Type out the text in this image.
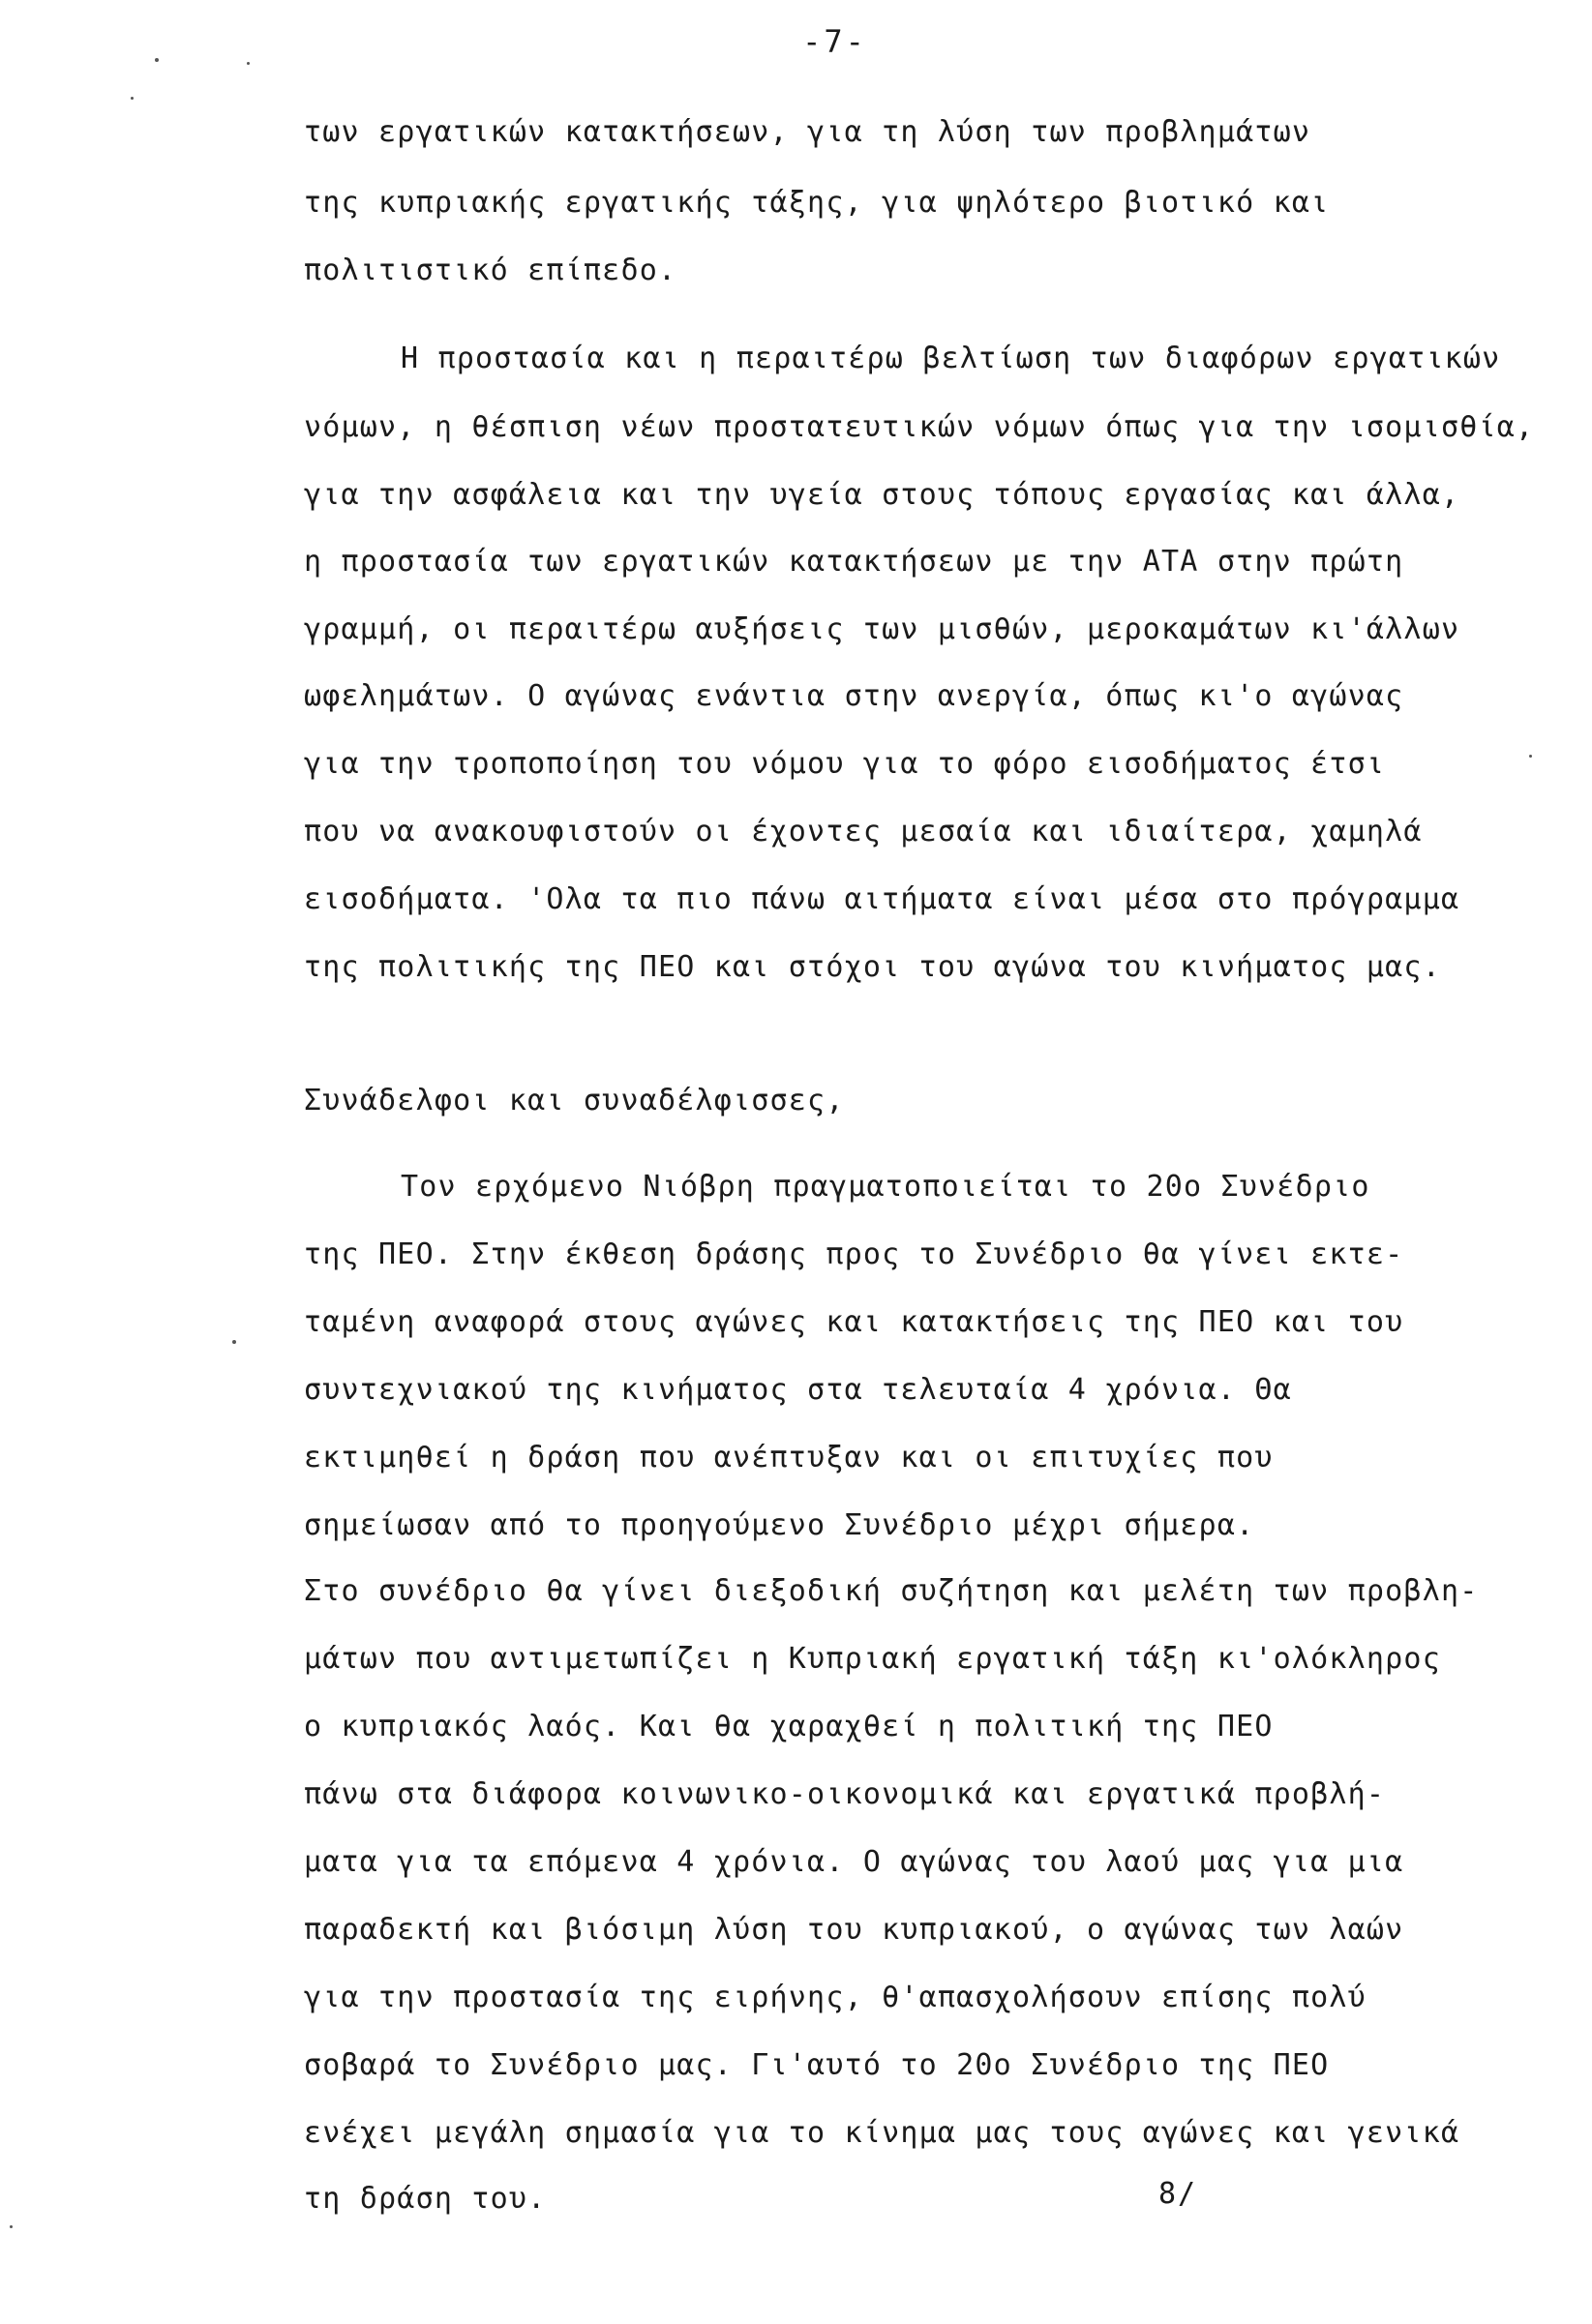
-7-
των εργατικών κατακτήσεων, για τη λύση των προβλημάτων
της κυπριακής εργατικής τάξης, για ψηλότερο βιοτικό και
πολιτιστικό επίπεδο.
Η προστασία και η περαιτέρω βελτίωση των διαφόρων εργατικών
νόμων, η θέσπιση νέων προστατευτικών νόμων όπως για την ισομισθία,
για την ασφάλεια και την υγεία στους τόπους εργασίας και άλλα,
η προστασία των εργατικών κατακτήσεων με την ΑΤΑ στην πρώτη
γραμμή, οι περαιτέρω αυξήσεις των μισθών, μεροκαμάτων κι'άλλων
ωφελημάτων. Ο αγώνας ενάντια στην ανεργία, όπως κι'ο αγώνας
για την τροποποίηση του νόμου για το φόρο εισοδήματος έτσι
που να ανακουφιστούν οι έχοντες μεσαία και ιδιαίτερα, χαμηλά
εισοδήματα. 'Ολα τα πιο πάνω αιτήματα είναι μέσα στο πρόγραμμα
της πολιτικής της ΠΕΟ και στόχοι του αγώνα του κινήματος μας.
Συνάδελφοι και συναδέλφισσες,
Τον ερχόμενο Νιόβρη πραγματοποιείται το 20ο Συνέδριο
της ΠΕΟ. Στην έκθεση δράσης προς το Συνέδριο θα γίνει εκτε-
ταμένη αναφορά στους αγώνες και κατακτήσεις της ΠΕΟ και του
συντεχνιακού της κινήματος στα τελευταία 4 χρόνια. Θα
εκτιμηθεί η δράση που ανέπτυξαν και οι επιτυχίες που
σημείωσαν από το προηγούμενο Συνέδριο μέχρι σήμερα.
Στο συνέδριο θα γίνει διεξοδική συζήτηση και μελέτη των προβλη-
μάτων που αντιμετωπίζει η Κυπριακή εργατική τάξη κι'ολόκληρος
ο κυπριακός λαός. Και θα χαραχθεί η πολιτική της ΠΕΟ
πάνω στα διάφορα κοινωνικο-οικονομικά και εργατικά προβλή-
ματα για τα επόμενα 4 χρόνια. Ο αγώνας του λαού μας για μια
παραδεκτή και βιόσιμη λύση του κυπριακού, ο αγώνας των λαών
για την προστασία της ειρήνης, θ'απασχολήσουν επίσης πολύ
σοβαρά το Συνέδριο μας. Γι'αυτό το 20ο Συνέδριο της ΠΕΟ
ενέχει μεγάλη σημασία για το κίνημα μας τους αγώνες και γενικά
τη δράση του.	8/
